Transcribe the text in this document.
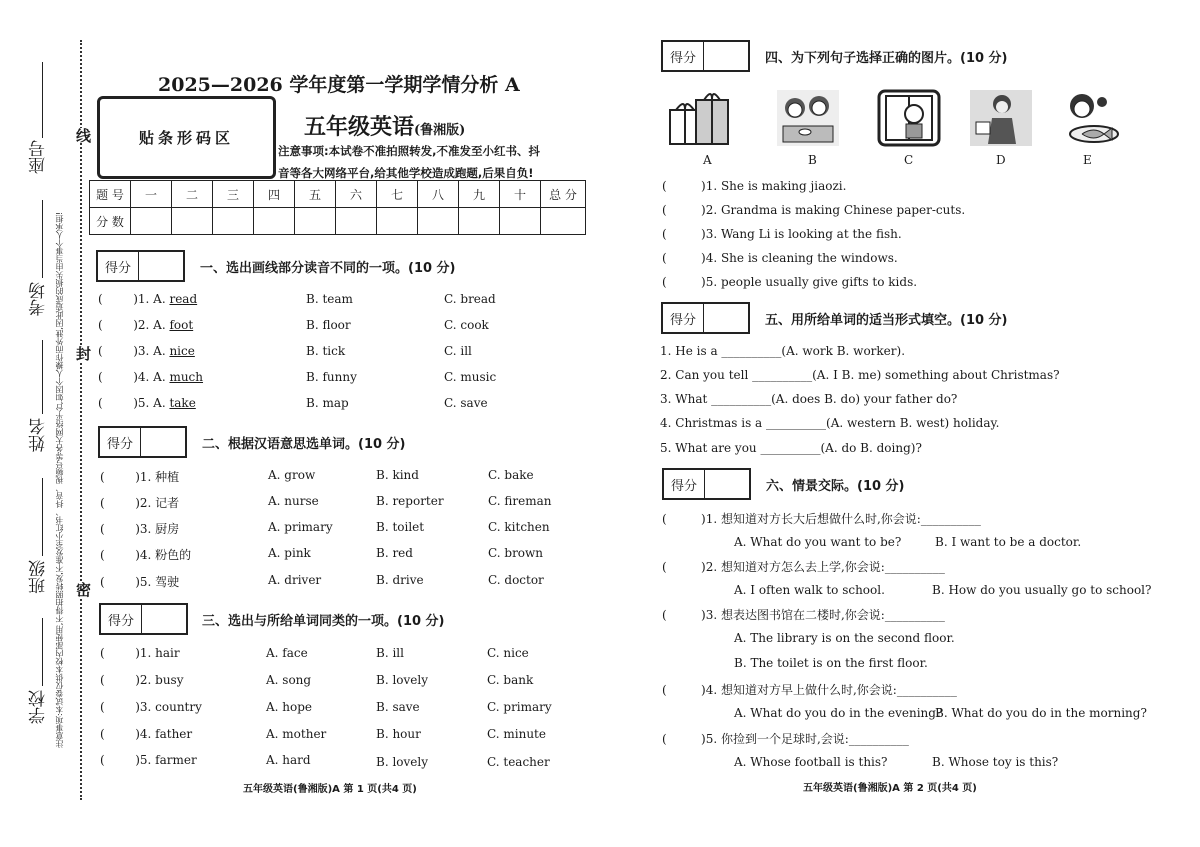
座号
考场
姓名
班级
学校
注意事项:本试卷仅供本校内部使用,不得拍照转发,不准发至小红书、抖音、视频号等各大网络平台,如因个人操作而外泄,因此造成的损失由当事个人承担!
线
封
密
2025—2026 学年度第一学期学情分析 A
贴条形码区	五年级英语(鲁湘版)
注意事项:本试卷不准拍照转发,不准发至小红书、抖
音等各大网络平台,给其他学校造成跑题,后果自负!
题 号	一	二	三	四	五	六	七	八	九	十	总 分
分 数											
得分	一、选出画线部分读音不同的一项。(10 分)
(        )1. A. read	B. team	C. bread
(        )2. A. foot	B. floor	C. cook
(        )3. A. nice	B. tick	C. ill
(        )4. A. much	B. funny	C. music
(        )5. A. take	B. map	C. save
得分	二、根据汉语意思选单词。(10 分)
(        )1. 种植	A. grow	B. kind	C. bake
(        )2. 记者	A. nurse	B. reporter	C. fireman
(        )3. 厨房	A. primary	B. toilet	C. kitchen
(        )4. 粉色的	A. pink	B. red	C. brown
(        )5. 驾驶	A. driver	B. drive	C. doctor
得分	三、选出与所给单词同类的一项。(10 分)
(        )1. hair	A. face	B. ill	C. nice
(        )2. busy	A. song	B. lovely	C. bank
(        )3. country	A. hope	B. save	C. primary
(        )4. father	A. mother	B. hour	C. minute
(        )5. farmer	A. hard	B. lovely	C. teacher
五年级英语(鲁湘版)A 第 1 页(共4 页)
得分	四、为下列句子选择正确的图片。(10 分)
A	B	C	D	E
(         )1. She is making jiaozi.
(         )2. Grandma is making Chinese paper-cuts.
(         )3. Wang Li is looking at the fish.
(         )4. She is cleaning the windows.
(         )5. people usually give gifts to kids.
得分	五、用所给单词的适当形式填空。(10 分)
1. He is a __________(A. work B. worker).
2. Can you tell __________(A. I B. me) something about Christmas?
3. What __________(A. does B. do) your father do?
4. Christmas is a __________(A. western B. west) holiday.
5. What are you __________(A. do B. doing)?
得分	六、情景交际。(10 分)
(         )1. 想知道对方长大后想做什么时,你会说:__________
A. What do you want to be?	B. I want to be a doctor.
(         )2. 想知道对方怎么去上学,你会说:__________
A. I often walk to school.	B. How do you usually go to school?
(         )3. 想表达图书馆在二楼时,你会说:__________
A. The library is on the second floor.
B. The toilet is on the first floor.
(         )4. 想知道对方早上做什么时,你会说:__________
A. What do you do in the evening?
B. What do you do in the morning?
(         )5. 你捡到一个足球时,会说:__________
A. Whose football is this?	B. Whose toy is this?
五年级英语(鲁湘版)A 第 2 页(共4 页)
